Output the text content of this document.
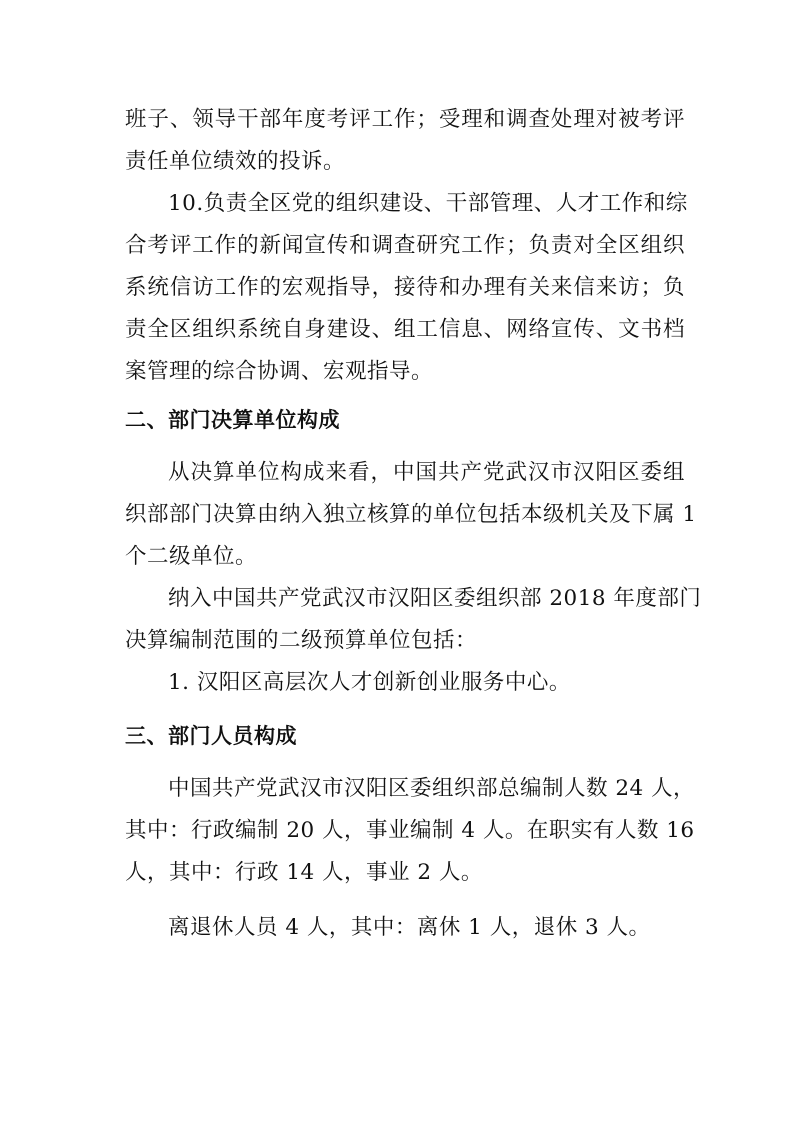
班子、领导干部年度考评工作；受理和调查处理对被考评
责任单位绩效的投诉。
10.负责全区党的组织建设、干部管理、人才工作和综
合考评工作的新闻宣传和调查研究工作；负责对全区组织
系统信访工作的宏观指导，接待和办理有关来信来访；负
责全区组织系统自身建设、组工信息、网络宣传、文书档
案管理的综合协调、宏观指导。
二、部门决算单位构成
从决算单位构成来看，中国共产党武汉市汉阳区委组
织部部门决算由纳入独立核算的单位包括本级机关及下属 1
个二级单位。
纳入中国共产党武汉市汉阳区委组织部 2018 年度部门
决算编制范围的二级预算单位包括：
1. 汉阳区高层次人才创新创业服务中心。
三、部门人员构成
中国共产党武汉市汉阳区委组织部总编制人数 24 人，
其中：行政编制 20 人，事业编制 4 人。在职实有人数 16
人，其中：行政 14 人，事业 2 人。
离退休人员 4 人，其中：离休 1 人，退休 3 人。
